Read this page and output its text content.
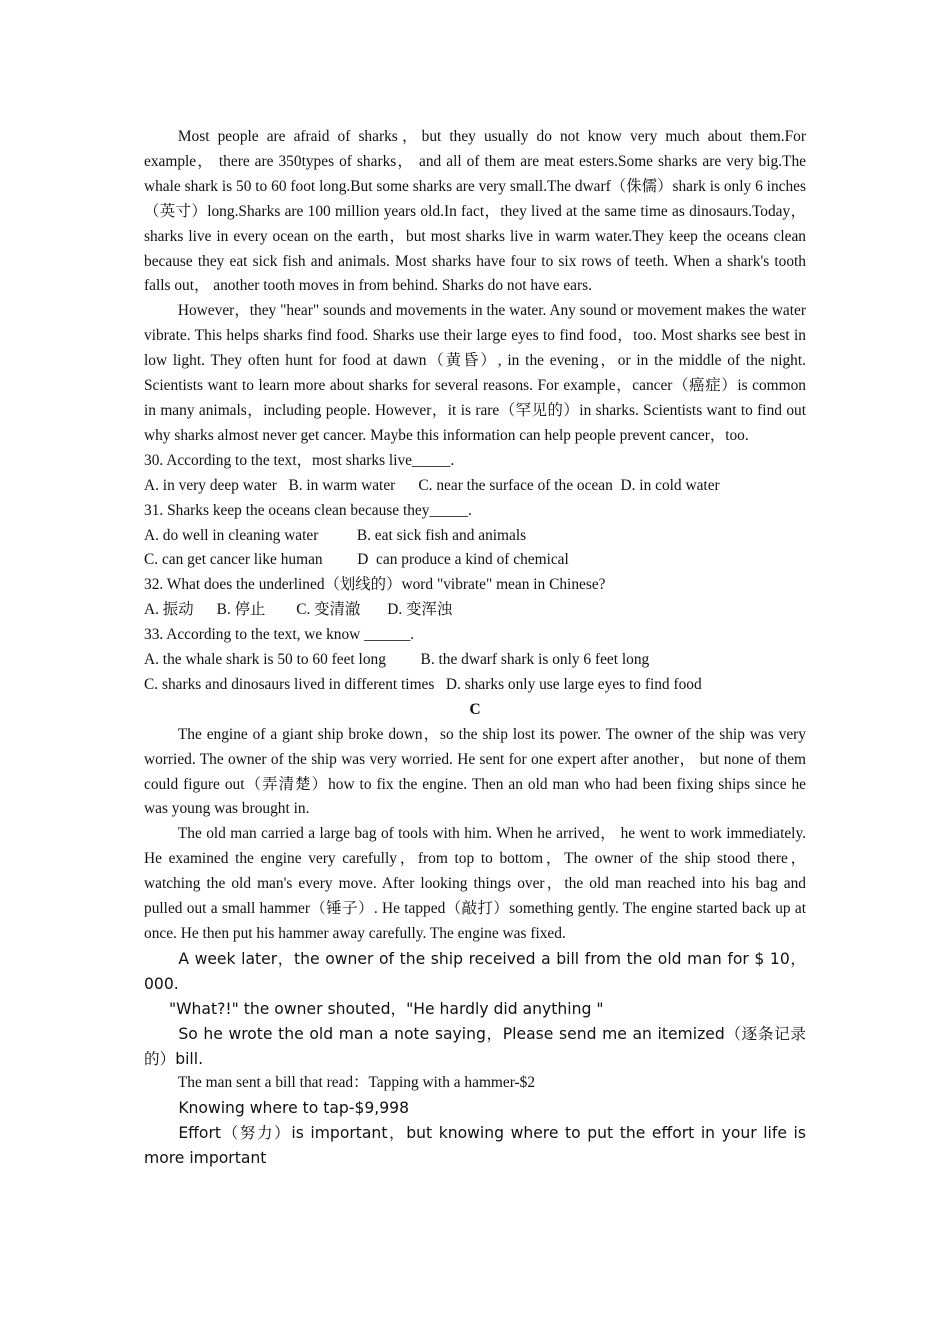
Most people are afraid of sharks，but they usually do not know very much about them.For example， there are 350types of sharks， and all of them are meat esters.Some sharks are very big.The whale shark is 50 to 60 foot long.But some sharks are very small.The dwarf（侏儒）shark is only 6 inches（英寸）long.Sharks are 100 million years old.In fact，they lived at the same time as dinosaurs.Today，sharks live in every ocean on the earth，but most sharks live in warm water.They keep the oceans clean because they eat sick fish and animals. Most sharks have four to six rows of teeth. When a shark's tooth falls out， another tooth moves in from behind. Sharks do not have ears.

However，they "hear" sounds and movements in the water. Any sound or movement makes the water vibrate. This helps sharks find food. Sharks use their large eyes to find food，too. Most sharks see best in low light. They often hunt for food at dawn（黄昏）, in the evening，or in the middle of the night. Scientists want to learn more about sharks for several reasons. For example，cancer（癌症）is common in many animals，including people. However，it is rare（罕见的）in sharks. Scientists want to find out why sharks almost never get cancer. Maybe this information can help people prevent cancer，too.

30. According to the text，most sharks live_____.

A. in very deep water   B. in warm water      C. near the surface of the ocean  D. in cold water

31. Sharks keep the oceans clean because they_____.

A. do well in cleaning water          B. eat sick fish and animals

C. can get cancer like human         D  can produce a kind of chemical

32. What does the underlined（划线的）word "vibrate" mean in Chinese?

A. 振动      B. 停止        C. 变清澈       D. 变浑浊

33. According to the text, we know ______.

A. the whale shark is 50 to 60 feet long         B. the dwarf shark is only 6 feet long

C. sharks and dinosaurs lived in different times   D. sharks only use large eyes to find food

C

The engine of a giant ship broke down，so the ship lost its power. The owner of the ship was very worried. The owner of the ship was very worried. He sent for one expert after another， but none of them could figure out（弄清楚）how to fix the engine. Then an old man who had been fixing ships since he was young was brought in.

The old man carried a large bag of tools with him. When he arrived， he went to work immediately. He examined the engine very carefully，from top to bottom，The owner of the ship stood there，watching the old man's every move. After looking things over，the old man reached into his bag and pulled out a small hammer（锤子）. He tapped（敲打）something gently. The engine started back up at once. He then put his hammer away carefully. The engine was fixed.

A week later，the owner of the ship received a bill from the old man for $ 10，000.

"What?!" the owner shouted，"He hardly did anything "

So he wrote the old man a note saying，Please send me an itemized（逐条记录的）bill.

The man sent a bill that read：Tapping with a hammer-$2

Knowing where to tap-$9,998

Effort（努力）is important，but knowing where to put the effort in your life is more important
